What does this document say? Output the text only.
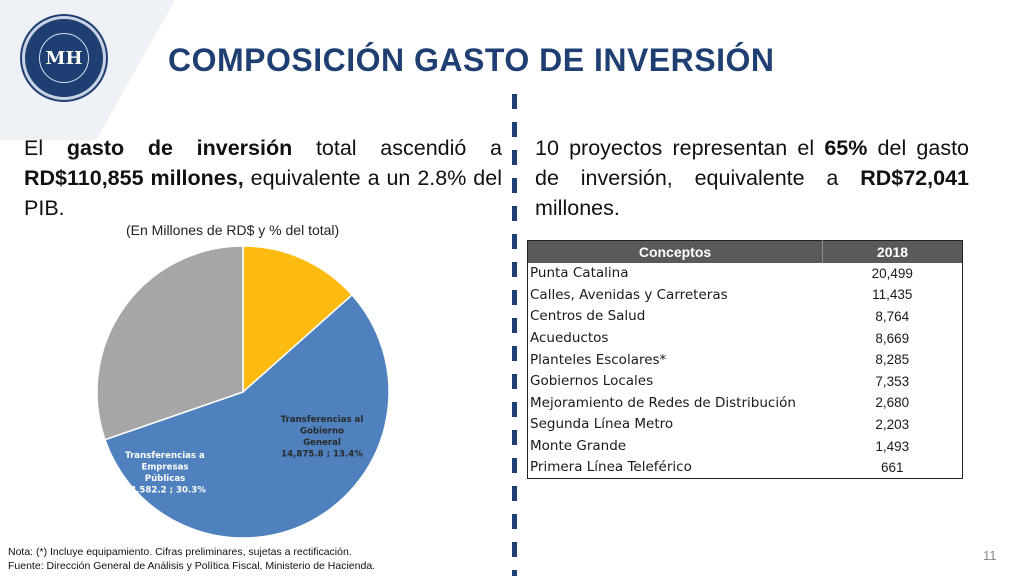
MH	COMPOSICIÓN GASTO DE INVERSIÓN

El gasto de inversión total ascendió a RD$110,855 millones, equivalente a un 2.8% del PIB.

10 proyectos representan el 65% del gasto de inversión, equivalente a RD$72,041 millones.

(En Millones de RD$ y % del total)
Transferencias al
Gobierno
General
14,875.8 ; 13.4%
Transferencias a
Empresas
Públicas
33,582.2 ; 30.3%
Conceptos	2018
Punta Catalina	20,499
Calles, Avenidas y Carreteras	11,435
Centros de Salud	8,764
Acueductos	8,669
Planteles Escolares*	8,285
Gobiernos Locales	7,353
Mejoramiento de Redes de Distribución	2,680
Segunda Línea Metro	2,203
Monte Grande	1,493
Primera Línea Teleférico	661
Nota: (*) Incluye equipamiento. Cifras preliminares, sujetas a rectificación.
Fuente: Dirección General de Análisis y Política Fiscal, Ministerio de Hacienda.
11
